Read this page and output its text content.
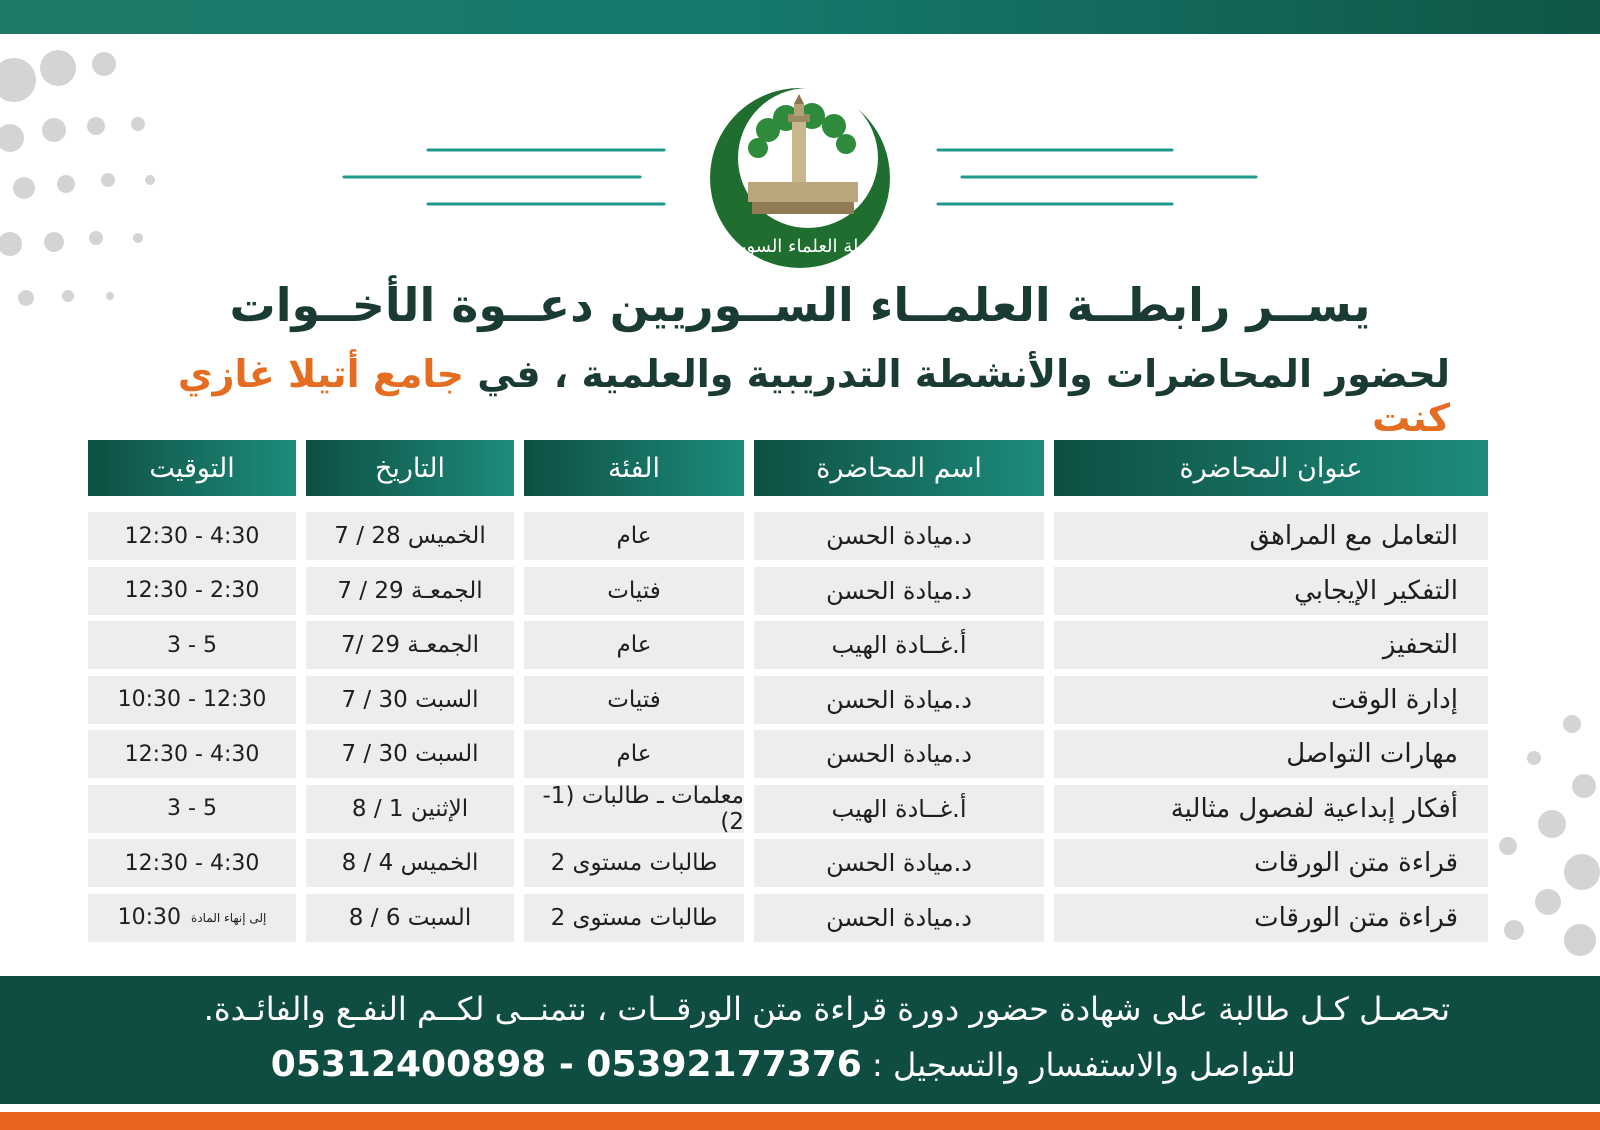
رابطة العلماء السوريين
يســر رابطــة العلمــاء الســوريين دعــوة الأخــوات
لحضور المحاضرات والأنشطة التدريبية والعلمية ، في جامع أتيلا غازي كنت
عنوان المحاضرة
اسم المحاضرة
الفئة
التاريخ
التوقيت
التعامل مع المراهق
د.ميادة الحسن
عام
الخميس 28 / 7
12:30 - 4:30
التفكير الإيجابي
د.ميادة الحسن
فتيات
الجمعـة 29 / 7
12:30 - 2:30
التحفيز
أ.غــادة الهيب
عام
الجمعـة 29 /7
3 - 5
إدارة الوقت
د.ميادة الحسن
فتيات
السبت 30 / 7
10:30 - 12:30
مهارات التواصل
د.ميادة الحسن
عام
السبت 30 / 7
12:30 - 4:30
أفكار إبداعية لفصول مثالية
أ.غــادة الهيب
معلمات ـ طالبات (1-2)
الإثنين 1 / 8
3 - 5
قراءة متن الورقات
د.ميادة الحسن
طالبات مستوى 2
الخميس 4 / 8
12:30 - 4:30
قراءة متن الورقات
د.ميادة الحسن
طالبات مستوى 2
السبت 6 / 8
10:30 إلى إنهاء المادة
تحصـل كـل طالبة على شهادة حضور دورة قراءة متن الورقــات ، نتمنــى لكــم النفـع والفائـدة.
للتواصل والاستفسار والتسجيل : 05312400898 - 05392177376
